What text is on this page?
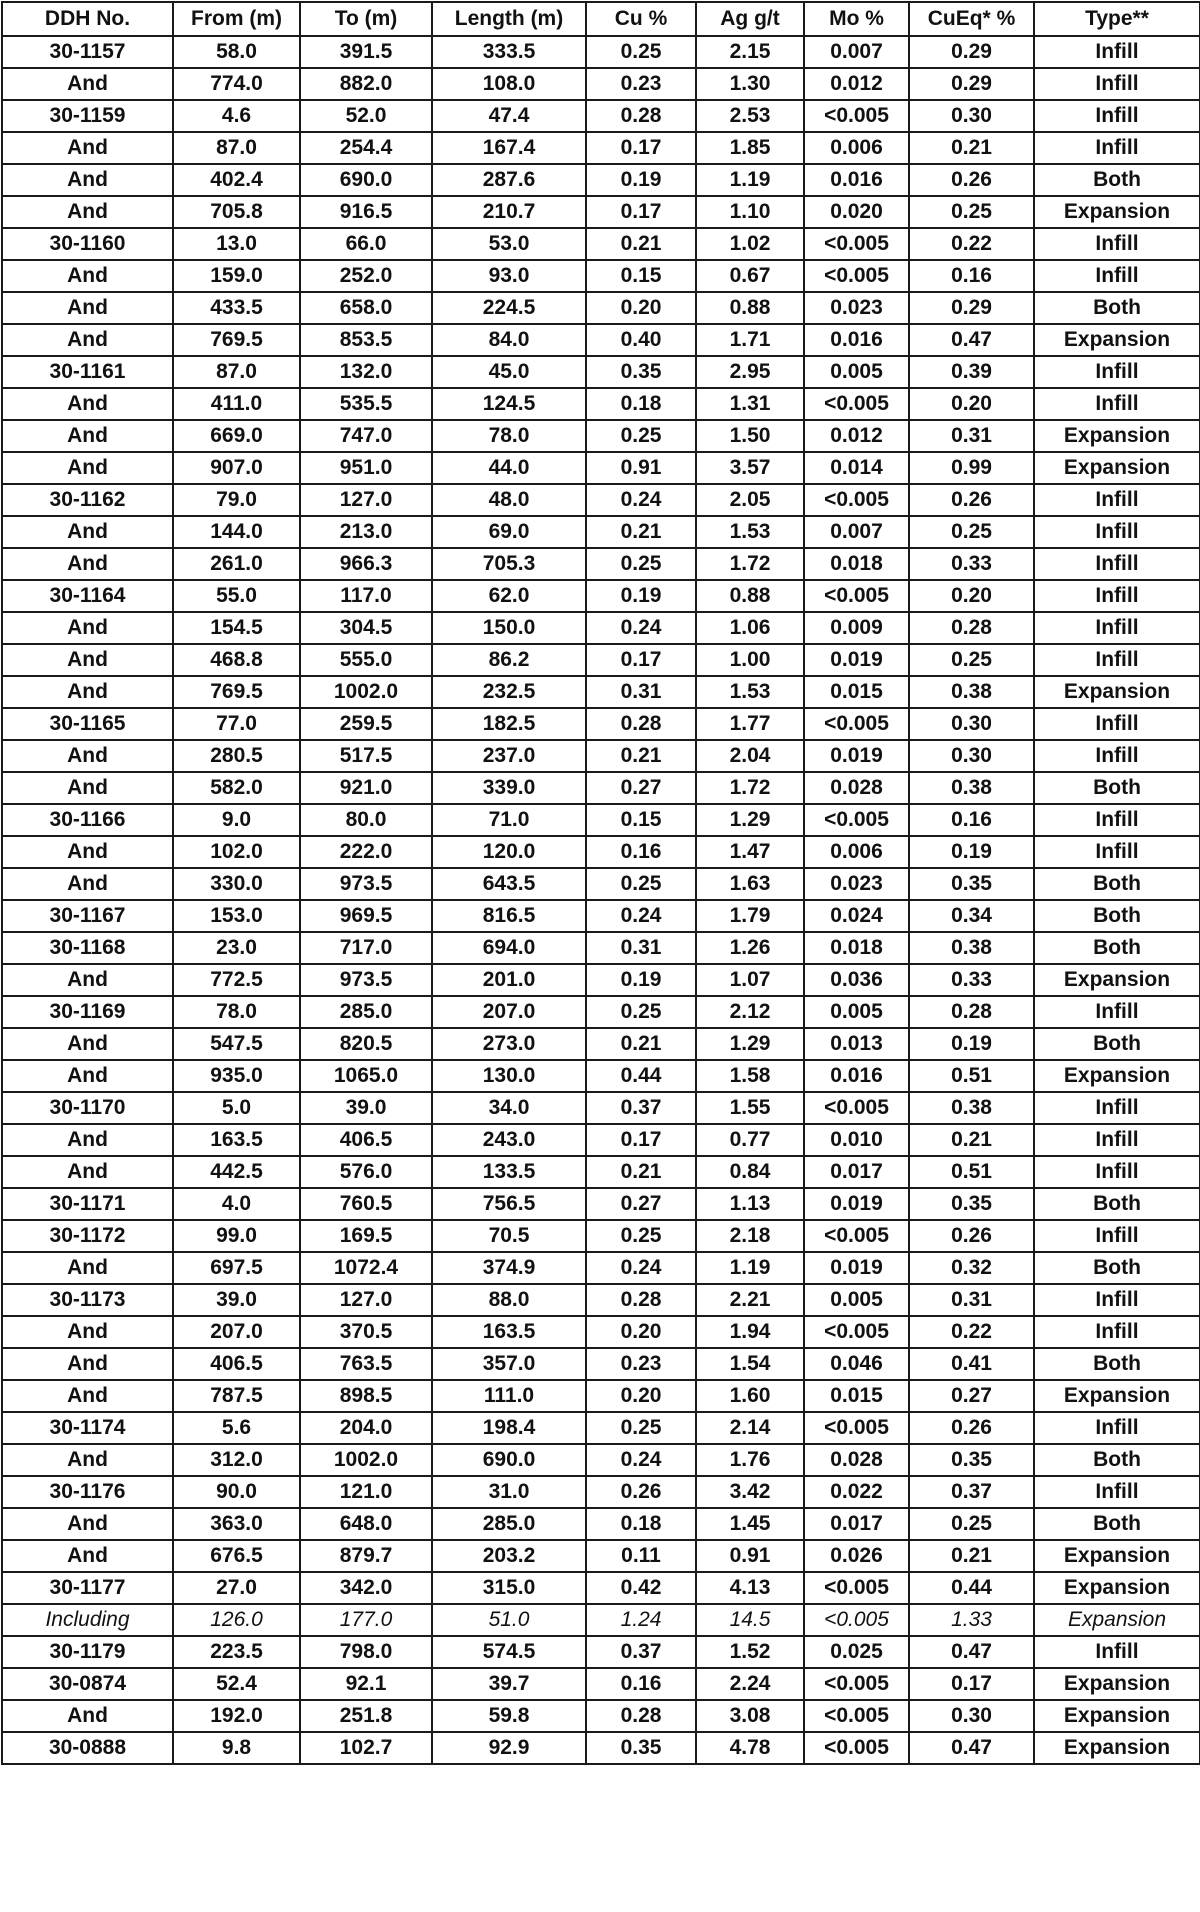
DDH No.	From (m)	To (m)	Length (m)	Cu %	Ag g/t	Mo %	CuEq* %	Type**
30-1157	58.0	391.5	333.5	0.25	2.15	0.007	0.29	Infill
And	774.0	882.0	108.0	0.23	1.30	0.012	0.29	Infill
30-1159	4.6	52.0	47.4	0.28	2.53	<0.005	0.30	Infill
And	87.0	254.4	167.4	0.17	1.85	0.006	0.21	Infill
And	402.4	690.0	287.6	0.19	1.19	0.016	0.26	Both
And	705.8	916.5	210.7	0.17	1.10	0.020	0.25	Expansion
30-1160	13.0	66.0	53.0	0.21	1.02	<0.005	0.22	Infill
And	159.0	252.0	93.0	0.15	0.67	<0.005	0.16	Infill
And	433.5	658.0	224.5	0.20	0.88	0.023	0.29	Both
And	769.5	853.5	84.0	0.40	1.71	0.016	0.47	Expansion
30-1161	87.0	132.0	45.0	0.35	2.95	0.005	0.39	Infill
And	411.0	535.5	124.5	0.18	1.31	<0.005	0.20	Infill
And	669.0	747.0	78.0	0.25	1.50	0.012	0.31	Expansion
And	907.0	951.0	44.0	0.91	3.57	0.014	0.99	Expansion
30-1162	79.0	127.0	48.0	0.24	2.05	<0.005	0.26	Infill
And	144.0	213.0	69.0	0.21	1.53	0.007	0.25	Infill
And	261.0	966.3	705.3	0.25	1.72	0.018	0.33	Infill
30-1164	55.0	117.0	62.0	0.19	0.88	<0.005	0.20	Infill
And	154.5	304.5	150.0	0.24	1.06	0.009	0.28	Infill
And	468.8	555.0	86.2	0.17	1.00	0.019	0.25	Infill
And	769.5	1002.0	232.5	0.31	1.53	0.015	0.38	Expansion
30-1165	77.0	259.5	182.5	0.28	1.77	<0.005	0.30	Infill
And	280.5	517.5	237.0	0.21	2.04	0.019	0.30	Infill
And	582.0	921.0	339.0	0.27	1.72	0.028	0.38	Both
30-1166	9.0	80.0	71.0	0.15	1.29	<0.005	0.16	Infill
And	102.0	222.0	120.0	0.16	1.47	0.006	0.19	Infill
And	330.0	973.5	643.5	0.25	1.63	0.023	0.35	Both
30-1167	153.0	969.5	816.5	0.24	1.79	0.024	0.34	Both
30-1168	23.0	717.0	694.0	0.31	1.26	0.018	0.38	Both
And	772.5	973.5	201.0	0.19	1.07	0.036	0.33	Expansion
30-1169	78.0	285.0	207.0	0.25	2.12	0.005	0.28	Infill
And	547.5	820.5	273.0	0.21	1.29	0.013	0.19	Both
And	935.0	1065.0	130.0	0.44	1.58	0.016	0.51	Expansion
30-1170	5.0	39.0	34.0	0.37	1.55	<0.005	0.38	Infill
And	163.5	406.5	243.0	0.17	0.77	0.010	0.21	Infill
And	442.5	576.0	133.5	0.21	0.84	0.017	0.51	Infill
30-1171	4.0	760.5	756.5	0.27	1.13	0.019	0.35	Both
30-1172	99.0	169.5	70.5	0.25	2.18	<0.005	0.26	Infill
And	697.5	1072.4	374.9	0.24	1.19	0.019	0.32	Both
30-1173	39.0	127.0	88.0	0.28	2.21	0.005	0.31	Infill
And	207.0	370.5	163.5	0.20	1.94	<0.005	0.22	Infill
And	406.5	763.5	357.0	0.23	1.54	0.046	0.41	Both
And	787.5	898.5	111.0	0.20	1.60	0.015	0.27	Expansion
30-1174	5.6	204.0	198.4	0.25	2.14	<0.005	0.26	Infill
And	312.0	1002.0	690.0	0.24	1.76	0.028	0.35	Both
30-1176	90.0	121.0	31.0	0.26	3.42	0.022	0.37	Infill
And	363.0	648.0	285.0	0.18	1.45	0.017	0.25	Both
And	676.5	879.7	203.2	0.11	0.91	0.026	0.21	Expansion
30-1177	27.0	342.0	315.0	0.42	4.13	<0.005	0.44	Expansion
Including	126.0	177.0	51.0	1.24	14.5	<0.005	1.33	Expansion
30-1179	223.5	798.0	574.5	0.37	1.52	0.025	0.47	Infill
30-0874	52.4	92.1	39.7	0.16	2.24	<0.005	0.17	Expansion
And	192.0	251.8	59.8	0.28	3.08	<0.005	0.30	Expansion
30-0888	9.8	102.7	92.9	0.35	4.78	<0.005	0.47	Expansion
